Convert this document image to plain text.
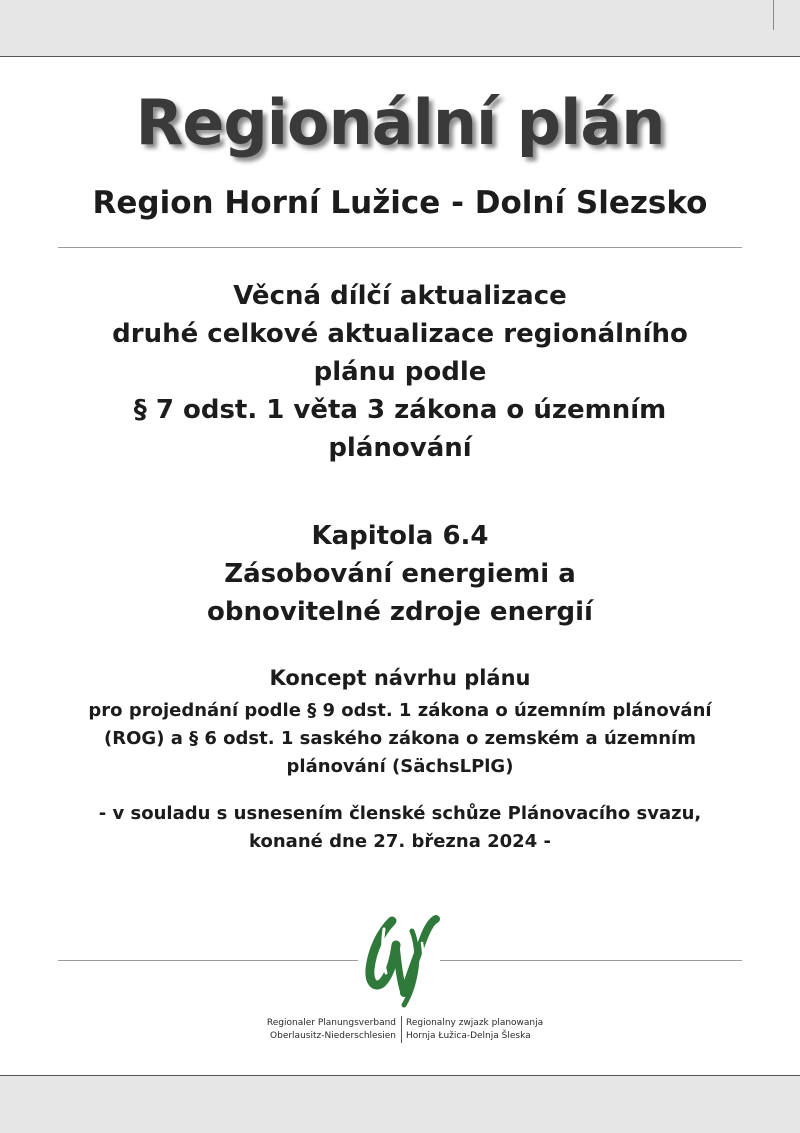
Regionální plán
Region Horní Lužice - Dolní Slezsko
Věcná dílčí aktualizace
druhé celkové aktualizace regionálního
plánu podle
§ 7 odst. 1 věta 3 zákona o územním
plánování
Kapitola 6.4
Zásobování energiemi a
obnovitelné zdroje energií
Koncept návrhu plánu
pro projednání podle § 9 odst. 1 zákona o územním plánování
(ROG) a § 6 odst. 1 saského zákona o zemském a územním
plánování (SächsLPlG)
- v souladu s usnesením členské schůze Plánovacího svazu,
konané dne 27. března 2024 -
Regionaler Planungsverband
Oberlausitz-Niederschlesien
Regionalny zwjazk planowanja
Hornja Łužica-Delnja Šleska
